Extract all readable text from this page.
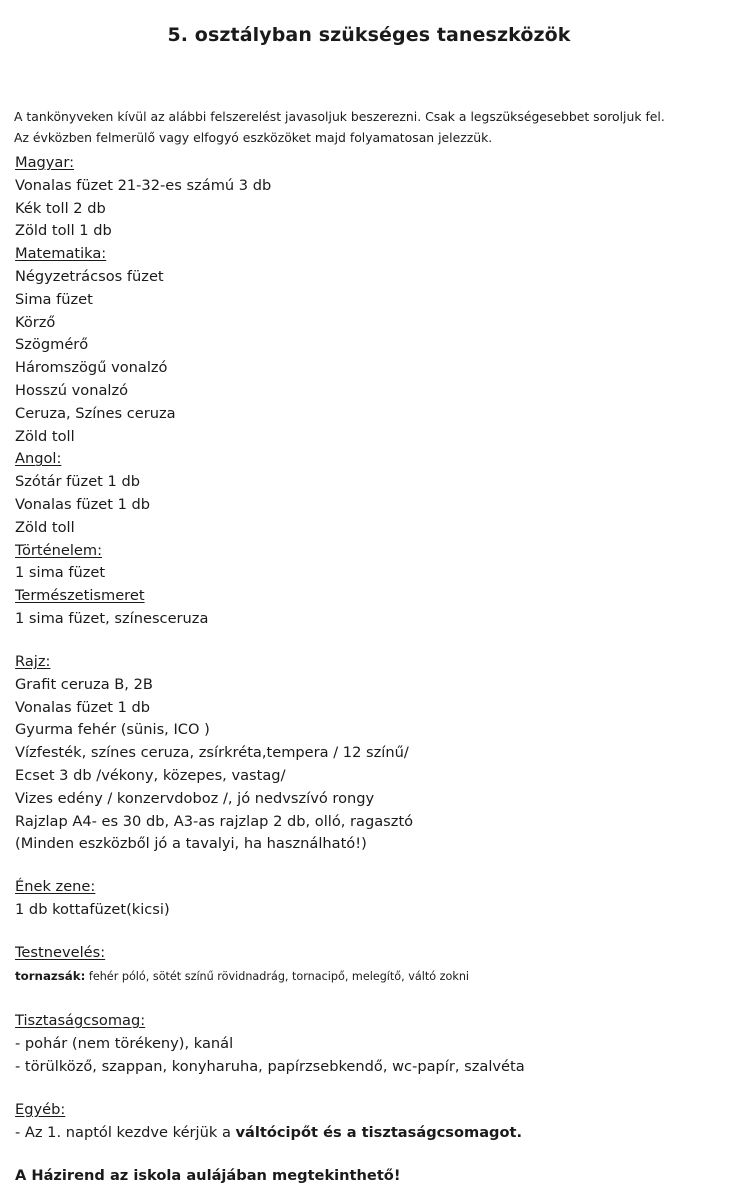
5. osztályban szükséges taneszközök
A tankönyveken kívül az alábbi felszerelést javasoljuk beszerezni. Csak a legszükségesebbet soroljuk fel.
Az évközben felmerülő vagy elfogyó eszközöket majd folyamatosan jelezzük.
Magyar:
Vonalas füzet 21-32-es számú 3 db
Kék toll 2 db
Zöld toll 1 db
Matematika:
Négyzetrácsos füzet
Sima füzet
Körző
Szögmérő
Háromszögű vonalzó
Hosszú vonalzó
Ceruza, Színes ceruza
Zöld toll
Angol:
Szótár füzet 1 db
Vonalas füzet 1 db
Zöld toll
Történelem:
1 sima füzet
Természetismeret
1 sima füzet, színesceruza
Rajz:
Grafit ceruza B, 2B
Vonalas füzet 1 db
Gyurma fehér (sünis, ICO )
Vízfesték, színes ceruza, zsírkréta,tempera / 12 színű/
Ecset 3 db /vékony, közepes, vastag/
Vizes edény / konzervdoboz /, jó nedvszívó rongy
Rajzlap A4- es 30 db, A3-as rajzlap 2 db, olló, ragasztó
(Minden eszközből jó a tavalyi, ha használható!)
Ének zene:
1 db kottafüzet(kicsi)
Testnevelés:
tornazsák: fehér póló, sötét színű rövidnadrág, tornacipő, melegítő, váltó zokni
Tisztaságcsomag:
- pohár (nem törékeny), kanál
- törülköző, szappan, konyharuha, papírzsebkendő, wc-papír, szalvéta
Egyéb:
- Az 1. naptól kezdve kérjük a váltócipőt és a tisztaságcsomagot.
A Házirend az iskola aulájában megtekinthető!
